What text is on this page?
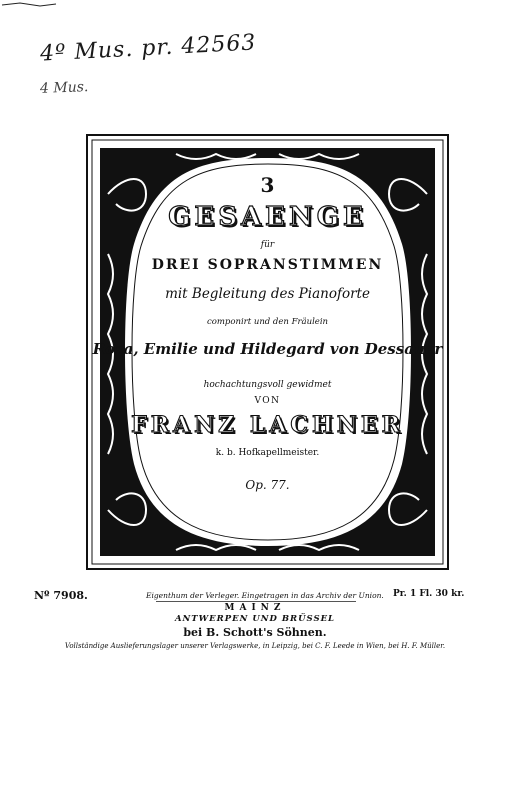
4º Mus. pr. 42563
4 Mus.
3
GESAENGE
für
DREI SOPRANSTIMMEN
mit Begleitung des Pianoforte
componirt und den Fräulein
Rosa, Emilie und Hildegard von Dessauer
hochachtungsvoll gewidmet
VON
FRANZ LACHNER
k. b. Hofkapellmeister.
Op. 77.
Nº 7908.	Eigenthum der Verleger. Eingetragen in das Archiv der Union. Pr. 1 Fl. 30 kr.
MAINZ
ANTWERPEN UND BRÜSSEL
bei B. Schott's Söhnen.
Vollständige Auslieferungslager unserer Verlagswerke, in Leipzig, bei C. F. Leede in Wien, bei H. F. Müller.
